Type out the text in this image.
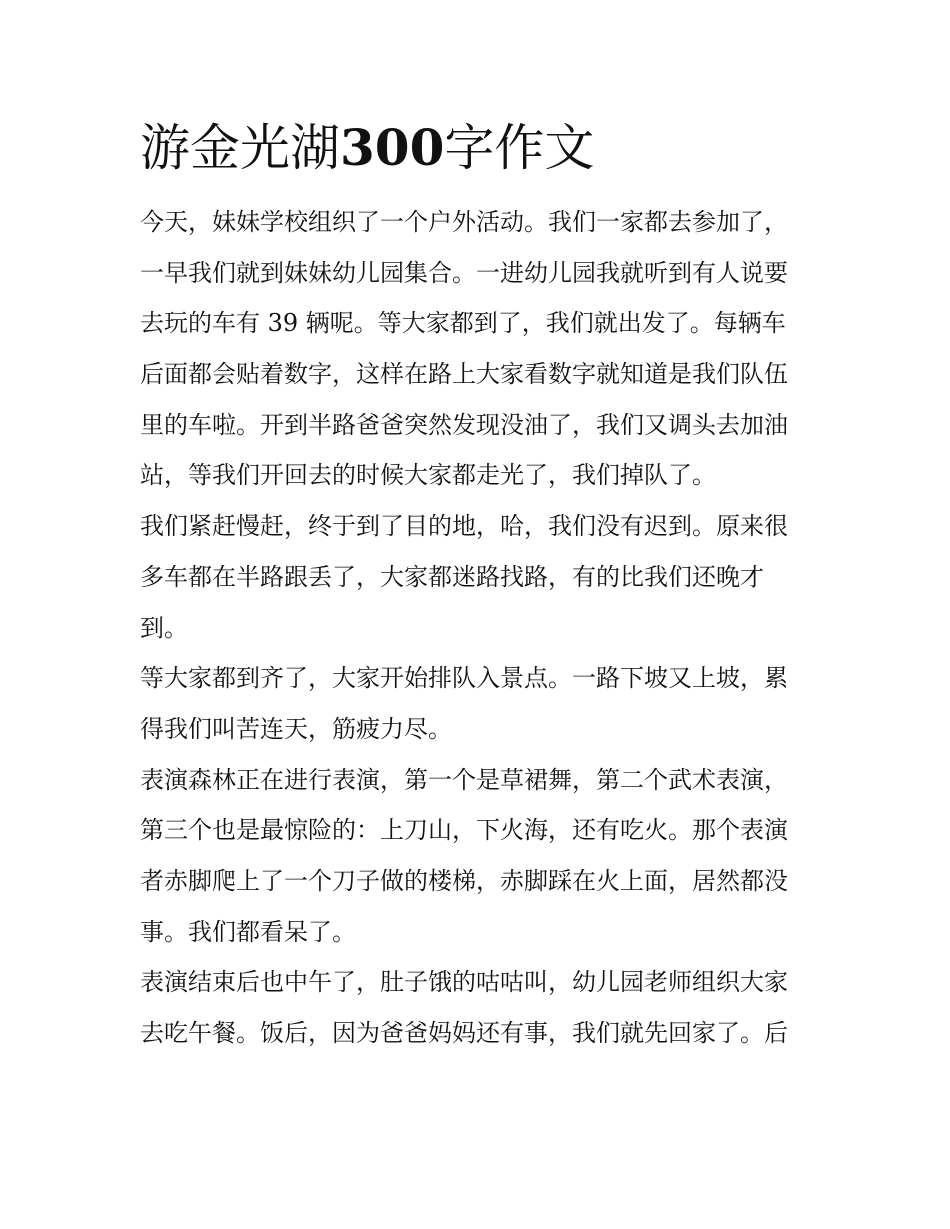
游金光湖300字作文
今天，妹妹学校组织了一个户外活动。我们一家都去参加了，
一早我们就到妹妹幼儿园集合。一进幼儿园我就听到有人说要
去玩的车有 39 辆呢。等大家都到了，我们就出发了。每辆车
后面都会贴着数字，这样在路上大家看数字就知道是我们队伍
里的车啦。开到半路爸爸突然发现没油了，我们又调头去加油
站，等我们开回去的时候大家都走光了，我们掉队了。
我们紧赶慢赶，终于到了目的地，哈，我们没有迟到。原来很
多车都在半路跟丢了，大家都迷路找路，有的比我们还晚才
到。
等大家都到齐了，大家开始排队入景点。一路下坡又上坡，累
得我们叫苦连天，筋疲力尽。
表演森林正在进行表演，第一个是草裙舞，第二个武术表演，
第三个也是最惊险的：上刀山，下火海，还有吃火。那个表演
者赤脚爬上了一个刀子做的楼梯，赤脚踩在火上面，居然都没
事。我们都看呆了。
表演结束后也中午了，肚子饿的咕咕叫，幼儿园老师组织大家
去吃午餐。饭后，因为爸爸妈妈还有事，我们就先回家了。后
